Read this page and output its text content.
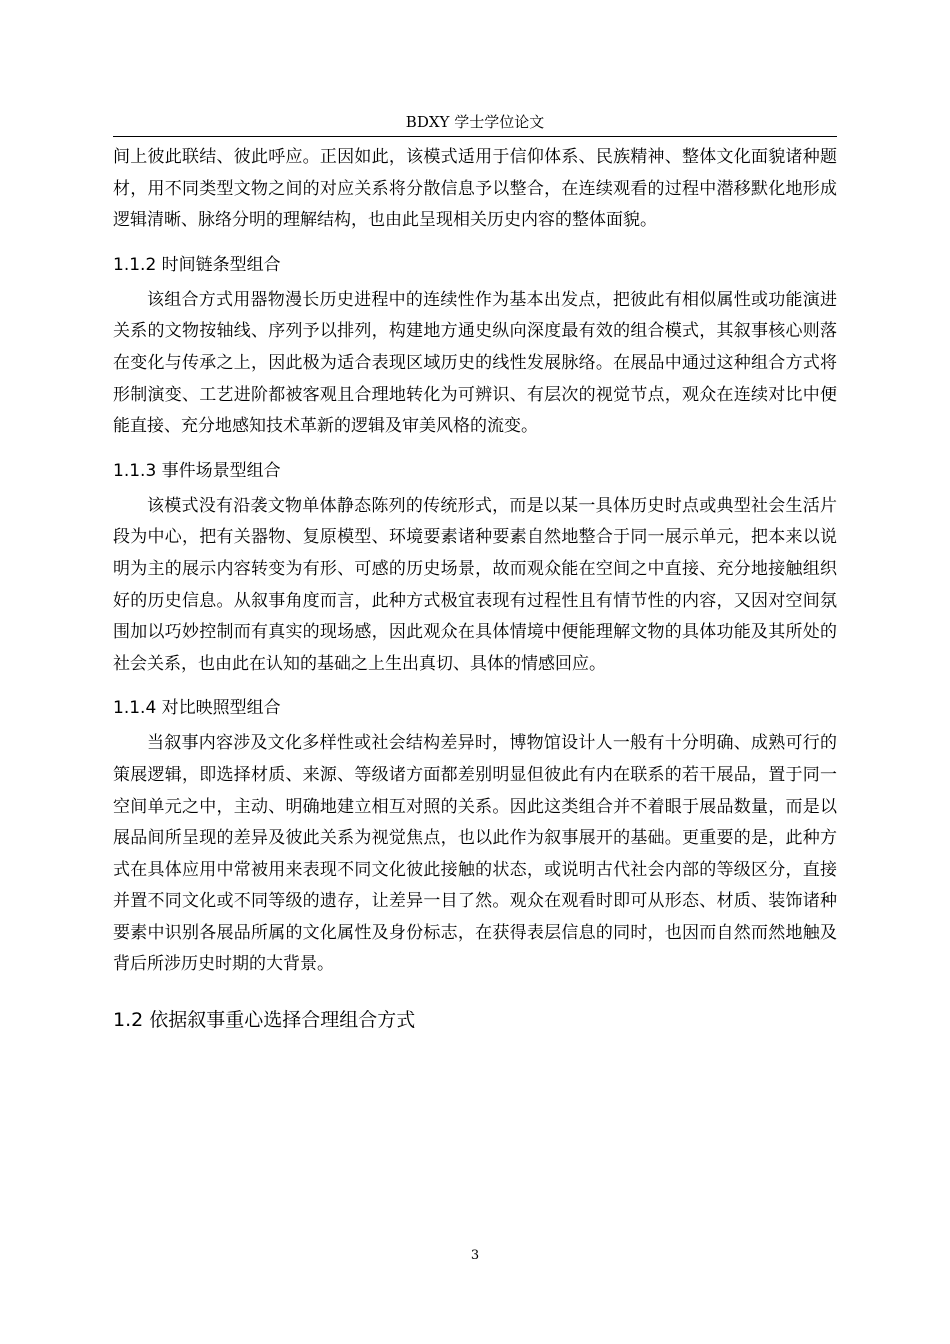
BDXY 学士学位论文

间上彼此联结、彼此呼应。正因如此，该模式适用于信仰体系、民族精神、整体文化面貌诸种题材，用不同类型文物之间的对应关系将分散信息予以整合，在连续观看的过程中潜移默化地形成逻辑清晰、脉络分明的理解结构，也由此呈现相关历史内容的整体面貌。

1.1.2 时间链条型组合

该组合方式用器物漫长历史进程中的连续性作为基本出发点，把彼此有相似属性或功能演进关系的文物按轴线、序列予以排列，构建地方通史纵向深度最有效的组合模式，其叙事核心则落在变化与传承之上，因此极为适合表现区域历史的线性发展脉络。在展品中通过这种组合方式将形制演变、工艺进阶都被客观且合理地转化为可辨识、有层次的视觉节点，观众在连续对比中便能直接、充分地感知技术革新的逻辑及审美风格的流变。

1.1.3 事件场景型组合

该模式没有沿袭文物单体静态陈列的传统形式，而是以某一具体历史时点或典型社会生活片段为中心，把有关器物、复原模型、环境要素诸种要素自然地整合于同一展示单元，把本来以说明为主的展示内容转变为有形、可感的历史场景，故而观众能在空间之中直接、充分地接触组织好的历史信息。从叙事角度而言，此种方式极宜表现有过程性且有情节性的内容，又因对空间氛围加以巧妙控制而有真实的现场感，因此观众在具体情境中便能理解文物的具体功能及其所处的社会关系，也由此在认知的基础之上生出真切、具体的情感回应。

1.1.4 对比映照型组合

当叙事内容涉及文化多样性或社会结构差异时，博物馆设计人一般有十分明确、成熟可行的策展逻辑，即选择材质、来源、等级诸方面都差别明显但彼此有内在联系的若干展品，置于同一空间单元之中，主动、明确地建立相互对照的关系。因此这类组合并不着眼于展品数量，而是以展品间所呈现的差异及彼此关系为视觉焦点，也以此作为叙事展开的基础。更重要的是，此种方式在具体应用中常被用来表现不同文化彼此接触的状态，或说明古代社会内部的等级区分，直接并置不同文化或不同等级的遗存，让差异一目了然。观众在观看时即可从形态、材质、装饰诸种要素中识别各展品所属的文化属性及身份标志，在获得表层信息的同时，也因而自然而然地触及背后所涉历史时期的大背景。

1.2 依据叙事重心选择合理组合方式
3
